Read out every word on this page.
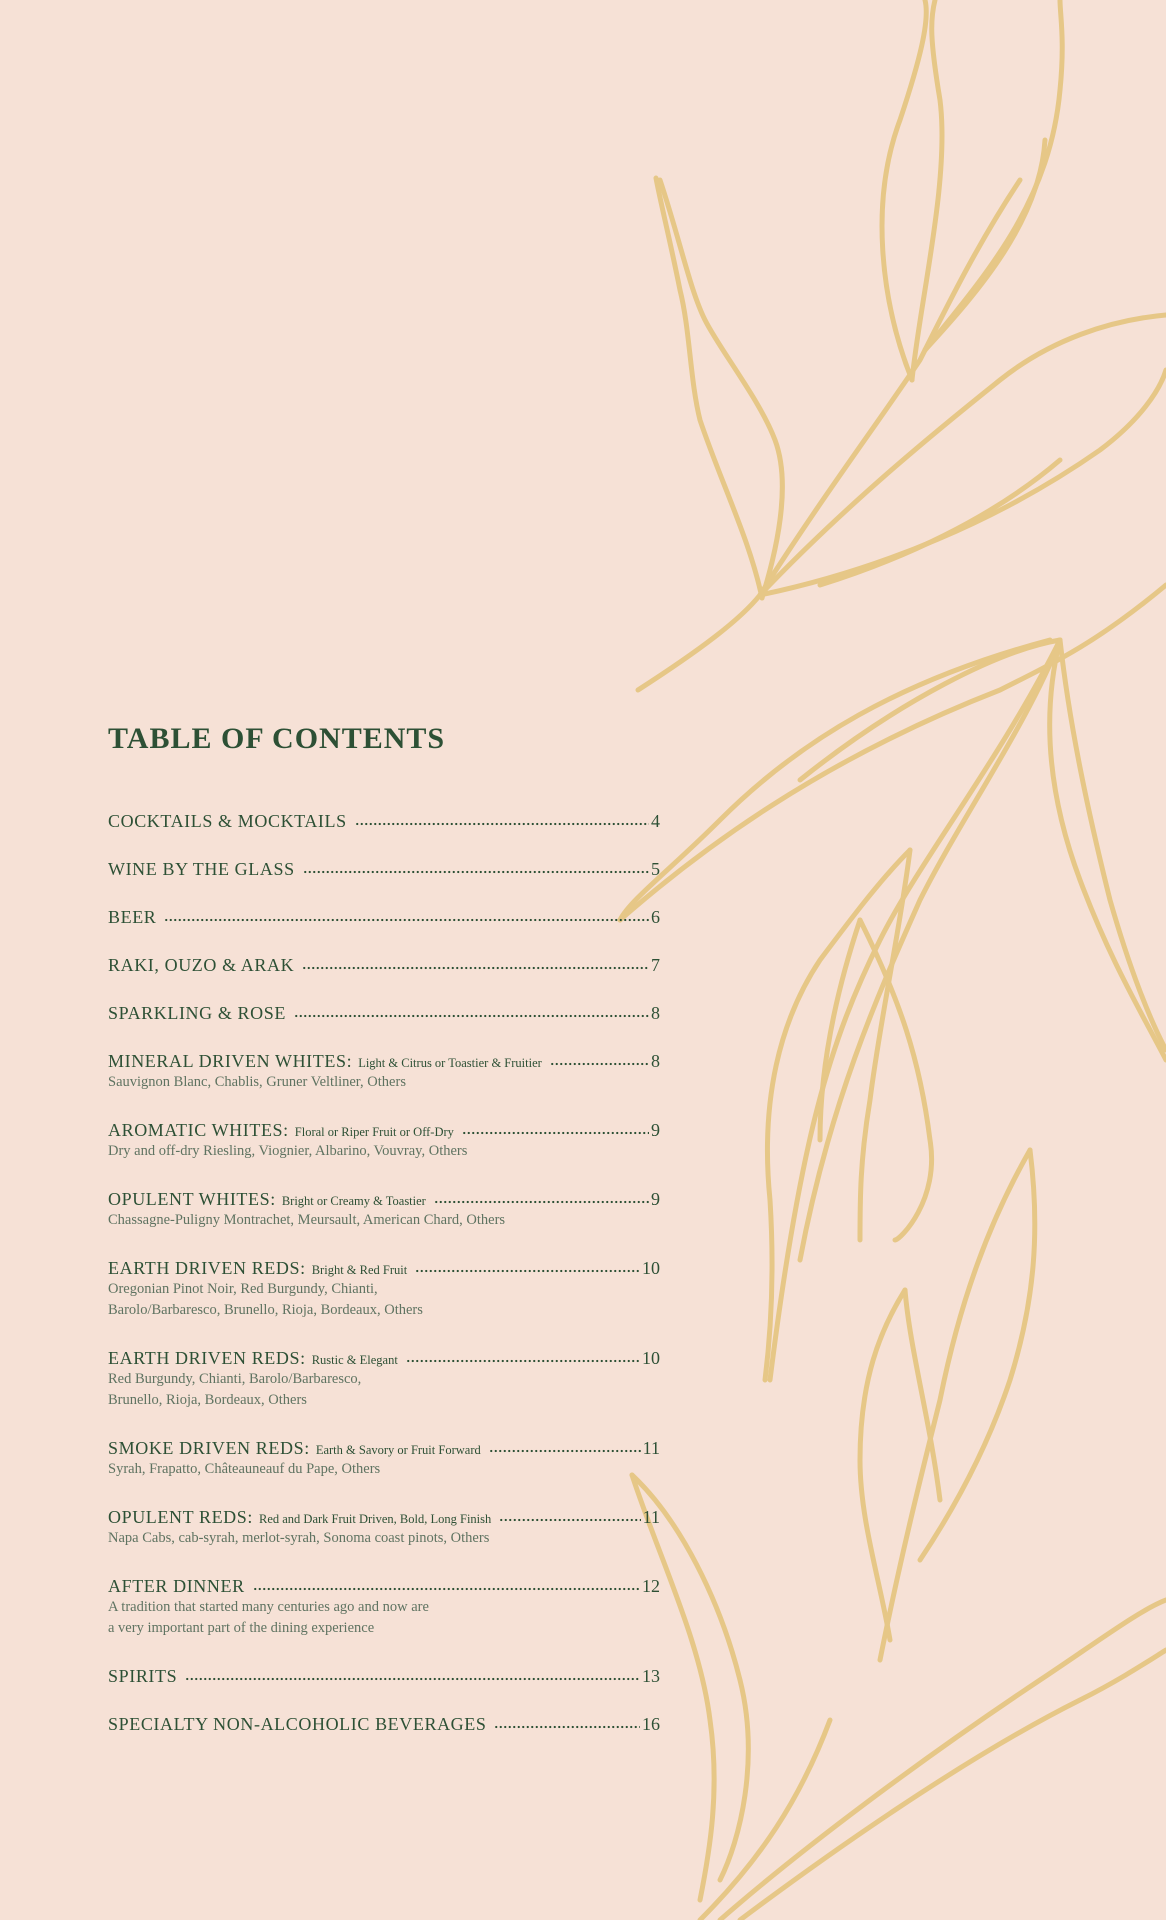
TABLE OF CONTENTS
COCKTAILS & MOCKTAILS	4
WINE BY THE GLASS	5
BEER	6
RAKI, OUZO & ARAK	7
SPARKLING & ROSE	8
MINERAL DRIVEN WHITES: Light & Citrus or Toastier & Fruitier	8
Sauvignon Blanc, Chablis, Gruner Veltliner, Others
AROMATIC WHITES: Floral or Riper Fruit or Off-Dry	9
Dry and off-dry Riesling, Viognier, Albarino, Vouvray, Others
OPULENT WHITES: Bright or Creamy & Toastier	9
Chassagne-Puligny Montrachet, Meursault, American Chard, Others
EARTH DRIVEN REDS: Bright & Red Fruit	10
Oregonian Pinot Noir, Red Burgundy, Chianti,
Barolo/Barbaresco, Brunello, Rioja, Bordeaux, Others
EARTH DRIVEN REDS: Rustic & Elegant	10
Red Burgundy, Chianti, Barolo/Barbaresco,
Brunello, Rioja, Bordeaux, Others
SMOKE DRIVEN REDS: Earth & Savory or Fruit Forward	11
Syrah, Frapatto, Châteauneauf du Pape, Others
OPULENT REDS: Red and Dark Fruit Driven, Bold, Long Finish	11
Napa Cabs, cab-syrah, merlot-syrah, Sonoma coast pinots, Others
AFTER DINNER	12
A tradition that started many centuries ago and now are
a very important part of the dining experience
SPIRITS	13
SPECIALTY NON-ALCOHOLIC BEVERAGES	16
